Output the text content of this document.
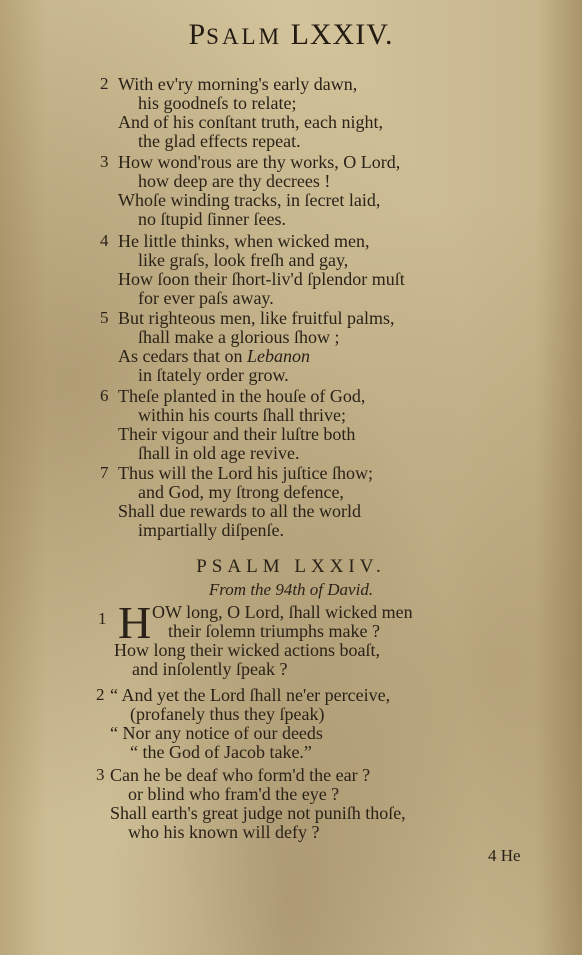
PSALM LXXIV.
2 With ev'ry morning's early dawn,
his goodneſs to relate;
And of his conſtant truth, each night,
the glad effects repeat.
3 How wond'rous are thy works, O Lord,
how deep are thy decrees !
Whoſe winding tracks, in ſecret laid,
no ſtupid ſinner ſees.
4 He little thinks, when wicked men,
like graſs, look freſh and gay,
How ſoon their ſhort-liv'd ſplendor muſt
for ever paſs away.
5 But righteous men, like fruitful palms,
ſhall make a glorious ſhow ;
As cedars that on Lebanon
in ſtately order grow.
6 Theſe planted in the houſe of God,
within his courts ſhall thrive;
Their vigour and their luſtre both
ſhall in old age revive.
7 Thus will the Lord his juſtice ſhow;
and God, my ſtrong defence,
Shall due rewards to all the world
impartially diſpenſe.
PSALM LXXIV.
From the 94th of David.
1 H OW long, O Lord, ſhall wicked men
their ſolemn triumphs make ?
How long their wicked actions boaſt,
and inſolently ſpeak ?
2 “ And yet the Lord ſhall ne'er perceive,
(profanely thus they ſpeak)
“ Nor any notice of our deeds
“ the God of Jacob take.”
3 Can he be deaf who form'd the ear ?
or blind who fram'd the eye ?
Shall earth's great judge not puniſh thoſe,
who his known will defy ?
4 He
